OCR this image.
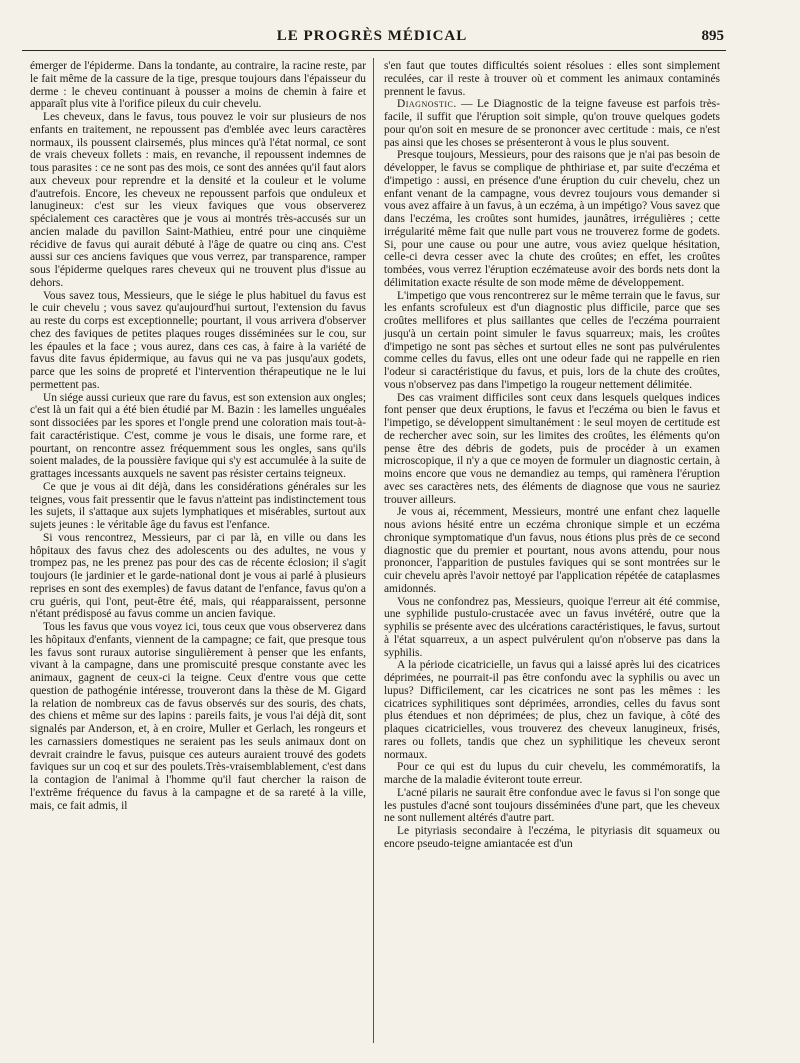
LE PROGRÈS MÉDICAL	895

émerger de l'épiderme. Dans la tondante, au contraire, la racine reste, par le fait même de la cassure de la tige, presque toujours dans l'épaisseur du derme : le cheveu continuant à pousser a moins de chemin à faire et apparaît plus vite à l'orifice pileux du cuir chevelu.

Les cheveux, dans le favus, tous pouvez le voir sur plusieurs de nos enfants en traitement, ne repoussent pas d'emblée avec leurs caractères normaux, ils poussent clairsemés, plus minces qu'à l'état normal, ce sont de vrais cheveux follets : mais, en revanche, il repoussent indemnes de tous parasites : ce ne sont pas des mois, ce sont des années qu'il faut alors aux cheveux pour reprendre et la densité et la couleur et le volume d'autrefois. Encore, les cheveux ne repoussent parfois que onduleux et lanugineux: c'est sur les vieux faviques que vous observerez spécialement ces caractères que je vous ai montrés très-accusés sur un ancien malade du pavillon Saint-Mathieu, entré pour une cinquième récidive de favus qui aurait débuté à l'âge de quatre ou cinq ans. C'est aussi sur ces anciens faviques que vous verrez, par transparence, ramper sous l'épiderme quelques rares cheveux qui ne trouvent plus d'issue au dehors.

Vous savez tous, Messieurs, que le siége le plus habituel du favus est le cuir chevelu ; vous savez qu'aujourd'hui surtout, l'extension du favus au reste du corps est exceptionnelle; pourtant, il vous arrivera d'observer chez des faviques de petites plaques rouges disséminées sur le cou, sur les épaules et la face ; vous aurez, dans ces cas, à faire à la variété de favus dite favus épidermique, au favus qui ne va pas jusqu'aux godets, parce que les soins de propreté et l'intervention thérapeutique ne le lui permettent pas.

Un siége aussi curieux que rare du favus, est son extension aux ongles; c'est là un fait qui a été bien étudié par M. Bazin : les lamelles unguéales sont dissociées par les spores et l'ongle prend une coloration mais tout-à-fait caractéristique. C'est, comme je vous le disais, une forme rare, et pourtant, on rencontre assez fréquemment sous les ongles, sans qu'ils soient malades, de la poussière favique qui s'y est accumulée à la suite de grattages incessants auxquels ne savent pas résister certains teigneux.

Ce que je vous ai dit déjà, dans les considérations générales sur les teignes, vous fait pressentir que le favus n'atteint pas indistinctement tous les sujets, il s'attaque aux sujets lymphatiques et misérables, surtout aux sujets jeunes : le véritable âge du favus est l'enfance.

Si vous rencontrez, Messieurs, par ci par là, en ville ou dans les hôpitaux des favus chez des adolescents ou des adultes, ne vous y trompez pas, ne les prenez pas pour des cas de récente éclosion; il s'agit toujours (le jardinier et le garde-national dont je vous ai parlé à plusieurs reprises en sont des exemples) de favus datant de l'enfance, favus qu'on a cru guéris, qui l'ont, peut-être été, mais, qui réapparaissent, personne n'étant prédisposé au favus comme un ancien favique.

Tous les favus que vous voyez ici, tous ceux que vous observerez dans les hôpitaux d'enfants, viennent de la campagne; ce fait, que presque tous les favus sont ruraux autorise singulièrement à penser que les enfants, vivant à la campagne, dans une promiscuité presque constante avec les animaux, gagnent de ceux-ci la teigne. Ceux d'entre vous que cette question de pathogénie intéresse, trouveront dans la thèse de M. Gigard la relation de nombreux cas de favus observés sur des souris, des chats, des chiens et même sur des lapins : pareils faits, je vous l'ai déjà dit, sont signalés par Anderson, et, à en croire, Muller et Gerlach, les rongeurs et les carnassiers domestiques ne seraient pas les seuls animaux dont on devrait craindre le favus, puisque ces auteurs auraient trouvé des godets faviques sur un coq et sur des poulets.Très-vraisemblablement, c'est dans la contagion de l'animal à l'homme qu'il faut chercher la raison de l'extrême fréquence du favus à la campagne et de sa rareté à la ville, mais, ce fait admis, il

s'en faut que toutes difficultés soient résolues : elles sont simplement reculées, car il reste à trouver où et comment les animaux contaminés prennent le favus.

Diagnostic. — Le Diagnostic de la teigne faveuse est parfois très-facile, il suffit que l'éruption soit simple, qu'on trouve quelques godets pour qu'on soit en mesure de se prononcer avec certitude : mais, ce n'est pas ainsi que les choses se présenteront à vous le plus souvent.

Presque toujours, Messieurs, pour des raisons que je n'ai pas besoin de développer, le favus se complique de phthiriase et, par suite d'eczéma et d'impetigo : aussi, en présence d'une éruption du cuir chevelu, chez un enfant venant de la campagne, vous devrez toujours vous demander si vous avez affaire à un favus, à un eczéma, à un impétigo? Vous savez que dans l'eczéma, les croûtes sont humides, jaunâtres, irrégulières ; cette irrégularité même fait que nulle part vous ne trouverez forme de godets. Si, pour une cause ou pour une autre, vous aviez quelque hésitation, celle-ci devra cesser avec la chute des croûtes; en effet, les croûtes tombées, vous verrez l'éruption eczémateuse avoir des bords nets dont la délimitation exacte résulte de son mode même de développement.

L'impetigo que vous rencontrerez sur le même terrain que le favus, sur les enfants scrofuleux est d'un diagnostic plus difficile, parce que ses croûtes mellifores et plus saillantes que celles de l'eczéma pourraient jusqu'à un certain point simuler le favus squarreux; mais, les croûtes d'impetigo ne sont pas sèches et surtout elles ne sont pas pulvérulentes comme celles du favus, elles ont une odeur fade qui ne rappelle en rien l'odeur si caractéristique du favus, et puis, lors de la chute des croûtes, vous n'observez pas dans l'impetigo la rougeur nettement délimitée.

Des cas vraiment difficiles sont ceux dans lesquels quelques indices font penser que deux éruptions, le favus et l'eczéma ou bien le favus et l'impetigo, se développent simultanément : le seul moyen de certitude est de rechercher avec soin, sur les limites des croûtes, les éléments qu'on pense être des débris de godets, puis de procéder à un examen microscopique, il n'y a que ce moyen de formuler un diagnostic certain, à moins encore que vous ne demandiez au temps, qui ramènera l'éruption avec ses caractères nets, des éléments de diagnose que vous ne sauriez trouver ailleurs.

Je vous ai, récemment, Messieurs, montré une enfant chez laquelle nous avions hésité entre un eczéma chronique simple et un eczéma chronique symptomatique d'un favus, nous étions plus près de ce second diagnostic que du premier et pourtant, nous avons attendu, pour nous prononcer, l'apparition de pustules faviques qui se sont montrées sur le cuir chevelu après l'avoir nettoyé par l'application répétée de cataplasmes amidonnés.

Vous ne confondrez pas, Messieurs, quoique l'erreur ait été commise, une syphilide pustulo-crustacée avec un favus invétéré, outre que la syphilis se présente avec des ulcérations caractéristiques, le favus, surtout à l'état squarreux, a un aspect pulvérulent qu'on n'observe pas dans la syphilis.

A la période cicatricielle, un favus qui a laissé après lui des cicatrices déprimées, ne pourrait-il pas être confondu avec la syphilis ou avec un lupus? Difficilement, car les cicatrices ne sont pas les mêmes : les cicatrices syphilitiques sont déprimées, arrondies, celles du favus sont plus étendues et non déprimées; de plus, chez un favique, à côté des plaques cicatricielles, vous trouverez des cheveux lanugineux, frisés, rares ou follets, tandis que chez un syphilitique les cheveux seront normaux.

Pour ce qui est du lupus du cuir chevelu, les commémoratifs, la marche de la maladie éviteront toute erreur.

L'acné pilaris ne saurait être confondue avec le favus si l'on songe que les pustules d'acné sont toujours disséminées d'une part, que les cheveux ne sont nullement altérés d'autre part.

Le pityriasis secondaire à l'eczéma, le pityriasis dit squameux ou encore pseudo-teigne amiantacée est d'un
